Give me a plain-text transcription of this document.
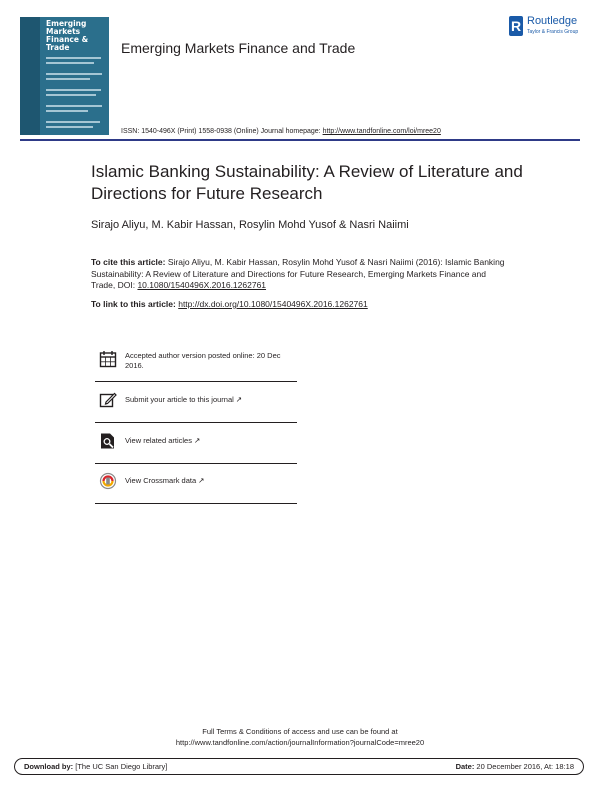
Emerging Markets
Finance & Trade	Emerging Markets Finance and Trade
R Routledge
Taylor & Francis Group
ISSN: 1540-496X (Print) 1558-0938 (Online) Journal homepage: http://www.tandfonline.com/loi/mree20
Islamic Banking Sustainability: A Review of Literature and Directions for Future Research
Sirajo Aliyu, M. Kabir Hassan, Rosylin Mohd Yusof & Nasri Naiimi
To cite this article: Sirajo Aliyu, M. Kabir Hassan, Rosylin Mohd Yusof & Nasri Naiimi (2016): Islamic Banking Sustainability: A Review of Literature and Directions for Future Research, Emerging Markets Finance and Trade, DOI: 10.1080/1540496X.2016.1262761
To link to this article: http://dx.doi.org/10.1080/1540496X.2016.1262761
Accepted author version posted online: 20 Dec 2016.
Submit your article to this journal ↗
View related articles ↗
View Crossmark data ↗
Full Terms & Conditions of access and use can be found at
http://www.tandfonline.com/action/journalInformation?journalCode=mree20
Download by: [The UC San Diego Library]	Date: 20 December 2016, At: 18:18
